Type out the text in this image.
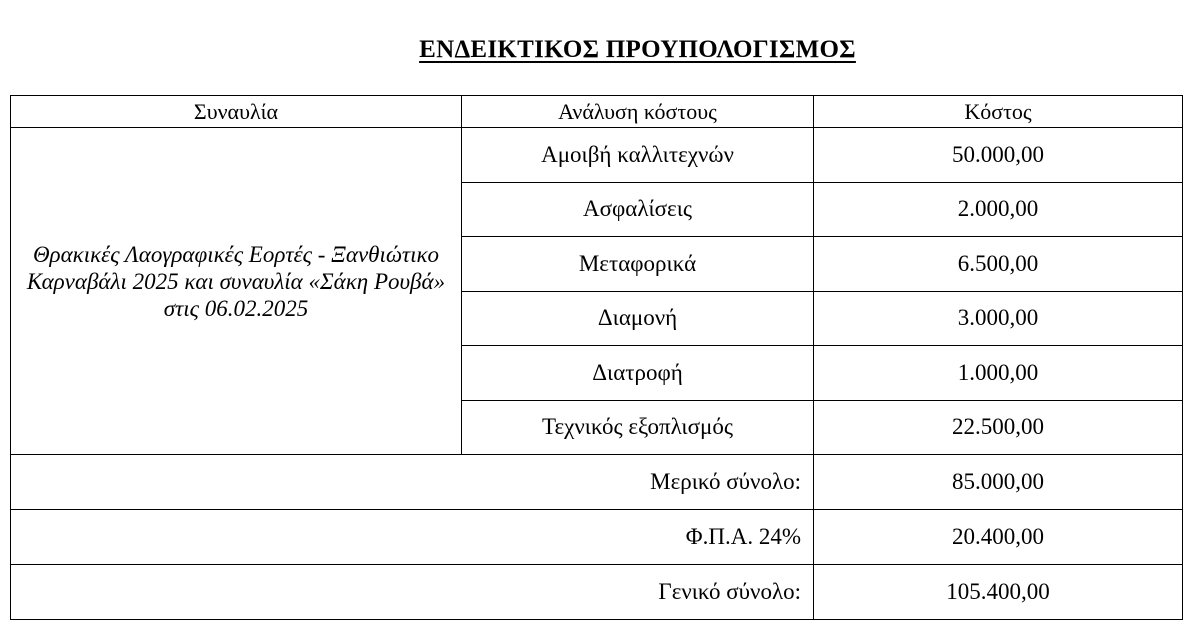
ΕΝΔΕΙΚΤΙΚΟΣ ΠΡΟΥΠΟΛΟΓΙΣΜΟΣ
Συναυλία	Ανάλυση κόστους	Κόστος

Θρακικές Λαογραφικές Εορτές - Ξανθιώτικο Καρναβάλι 2025 και συναυλία «Σάκη Ρουβά» στις 06.02.2025	Αμοιβή καλλιτεχνών	50.000,00
	Ασφαλίσεις	2.000,00
	Μεταφορικά	6.500,00
	Διαμονή	3.000,00
	Διατροφή	1.000,00
	Τεχνικός εξοπλισμός	22.500,00
Μερικό σύνολο:		85.000,00
Φ.Π.Α. 24%		20.400,00
Γενικό σύνολο:		105.400,00
